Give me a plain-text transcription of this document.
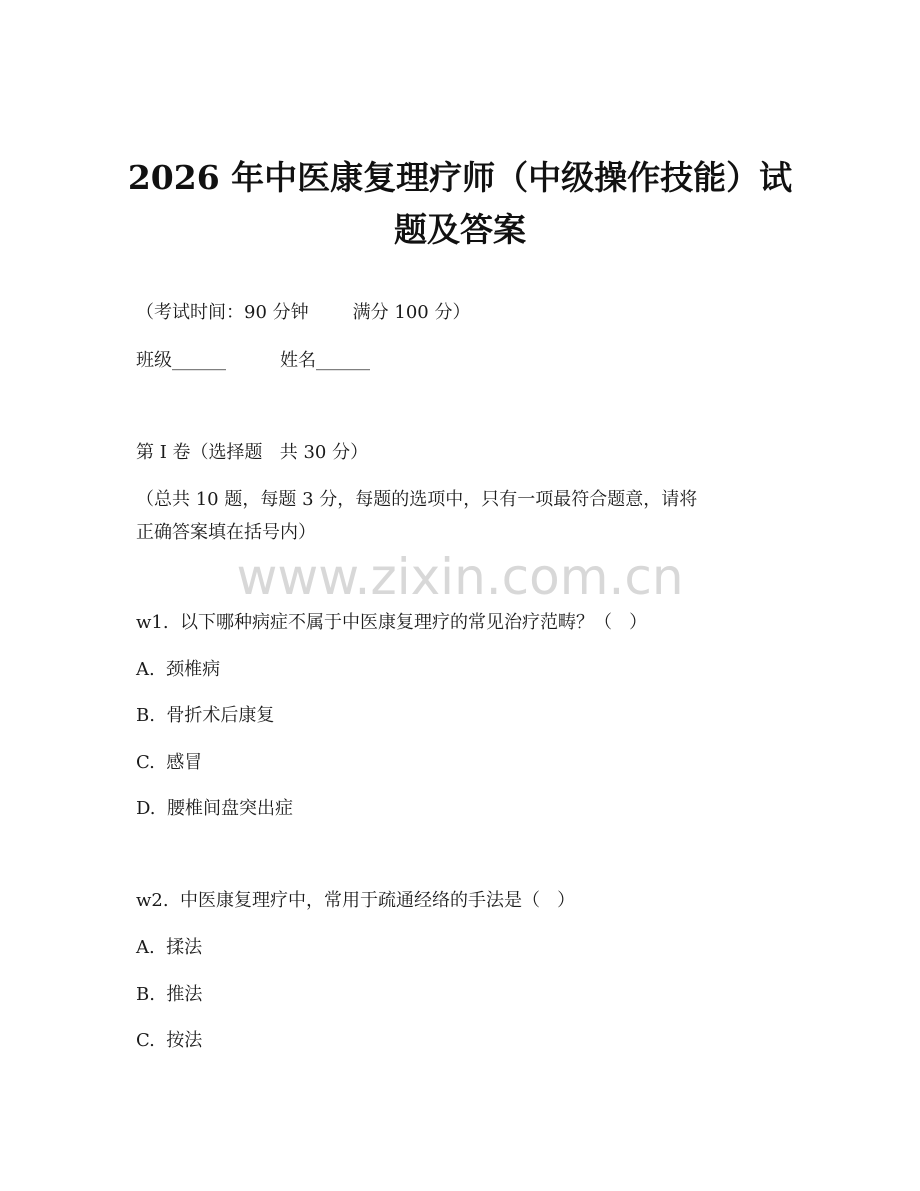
2026 年中医康复理疗师（中级操作技能）试
题及答案
（考试时间：90 分钟 满分 100 分）
班级______	姓名______
第 I 卷（选择题   共 30 分）
（总共 10 题，每题 3 分，每题的选项中，只有一项最符合题意，请将
正确答案填在括号内）
www.zixin.com.cn
w1.  以下哪种病症不属于中医康复理疗的常见治疗范畴？（   ）
A.  颈椎病
B.  骨折术后康复
C.  感冒
D.  腰椎间盘突出症
w2.  中医康复理疗中，常用于疏通经络的手法是（   ）
A.  揉法
B.  推法
C.  按法
